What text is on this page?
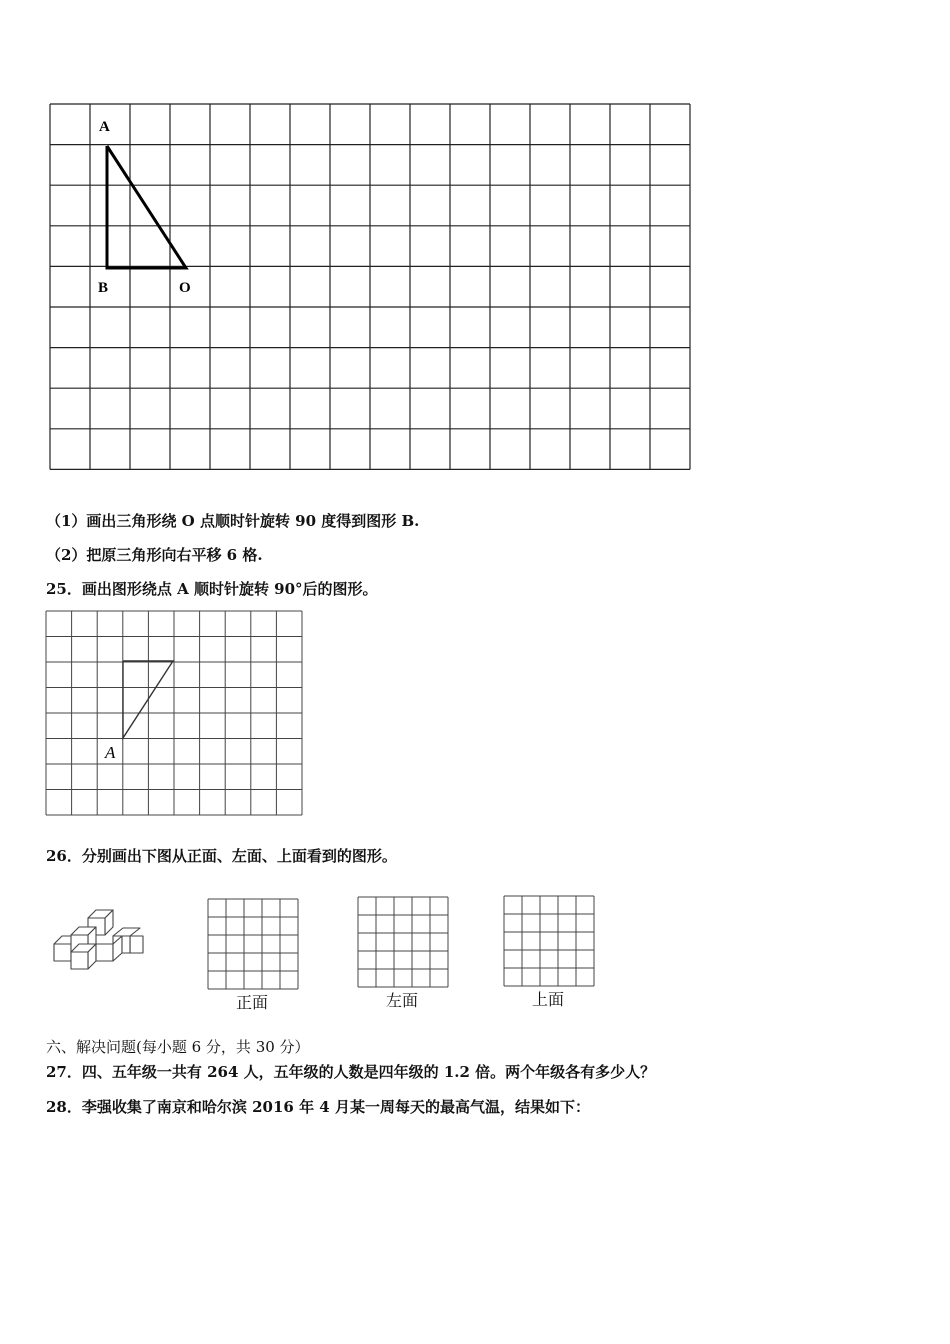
A
B	O
（1）画出三角形绕 O 点顺时针旋转 90 度得到图形 B.
（2）把原三角形向右平移 6 格.
25．画出图形绕点 A 顺时针旋转 90°后的图形。
A
26．分别画出下图从正面、左面、上面看到的图形。
正面	左面	上面
六、解决问题(每小题 6 分，共 30 分）
27．四、五年级一共有 264 人，五年级的人数是四年级的 1.2 倍。两个年级各有多少人？
28．李强收集了南京和哈尔滨 2016 年 4 月某一周每天的最高气温，结果如下：
